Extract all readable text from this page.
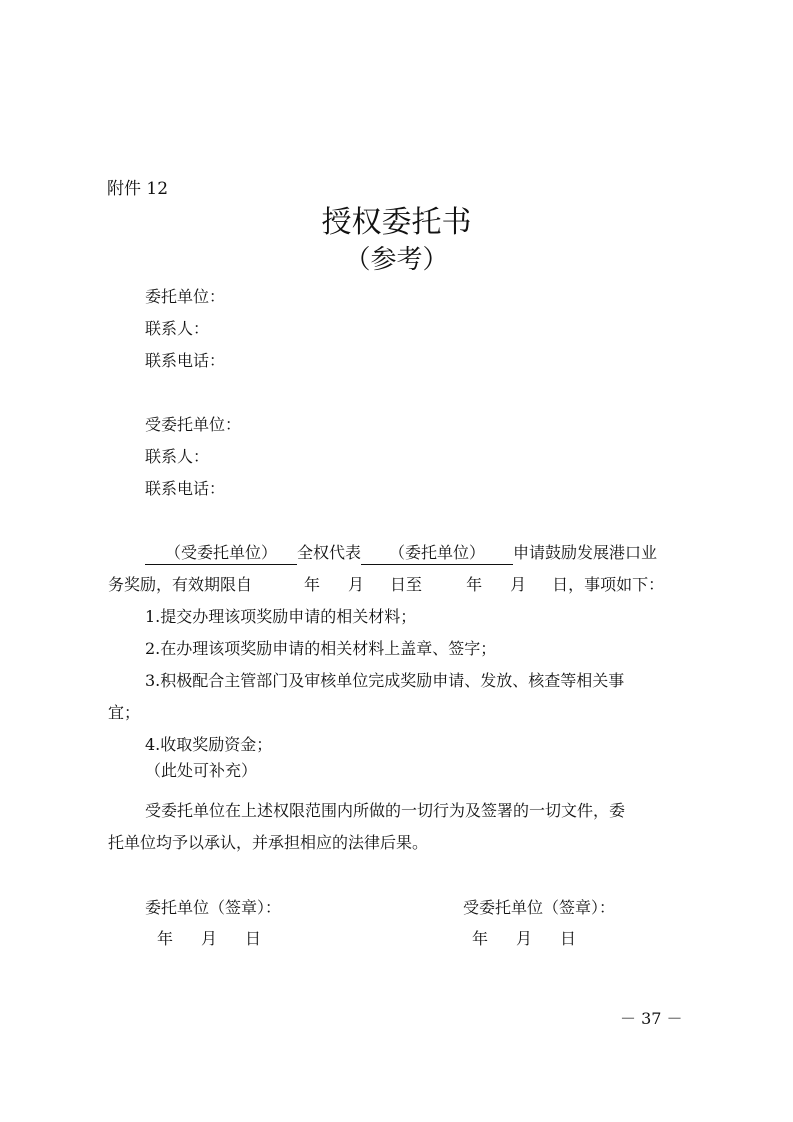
附件 12
授权委托书
（参考）
委托单位：
联系人：
联系电话：
受委托单位：
联系人：
联系电话：
（受委托单位） 全权代表 （委托单位） 申请鼓励发展港口业
务奖励，有效期限自	年 月 日至	年 月 日，事项如下：
1.提交办理该项奖励申请的相关材料；
2.在办理该项奖励申请的相关材料上盖章、签字；
3.积极配合主管部门及审核单位完成奖励申请、发放、核查等相关事
宜；
4.收取奖励资金；
（此处可补充）
受委托单位在上述权限范围内所做的一切行为及签署的一切文件，委
托单位均予以承认，并承担相应的法律后果。
委托单位（签章）：
年 月 日
受委托单位（签章）：
年 月 日
－ 37 －
